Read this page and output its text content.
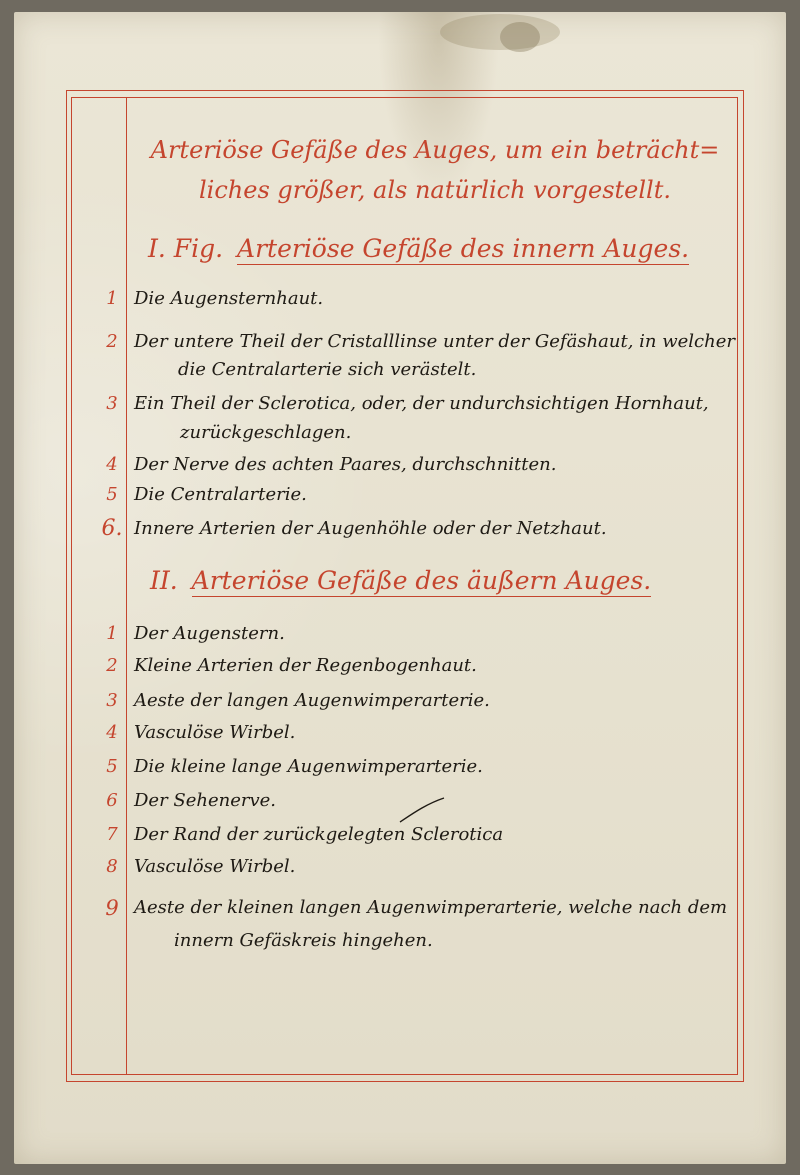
Arteriöse Gefäße des Auges, um ein beträcht=
liches größer, als natürlich vorgestellt.
I. Fig. Arteriöse Gefäße des innern Auges.
1 Die Augensternhaut.
2 Der untere Theil der Cristalllinse unter der Gefäshaut, in welcher
die Centralarterie sich verästelt.
3 Ein Theil der Sclerotica, oder, der undurchsichtigen Hornhaut,
zurückgeschlagen.
4 Der Nerve des achten Paares, durchschnitten.
5 Die Centralarterie.
6. Innere Arterien der Augenhöhle oder der Netzhaut.
II. Arteriöse Gefäße des äußern Auges.
1 Der Augenstern.
2 Kleine Arterien der Regenbogenhaut.
3 Aeste der langen Augenwimperarterie.
4 Vasculöse Wirbel.
5 Die kleine lange Augenwimperarterie.
6 Der Sehenerve.
7 Der Rand der zurückgelegten Sclerotica
8 Vasculöse Wirbel.
9 Aeste der kleinen langen Augenwimperarterie, welche nach dem
innern Gefäskreis hingehen.
